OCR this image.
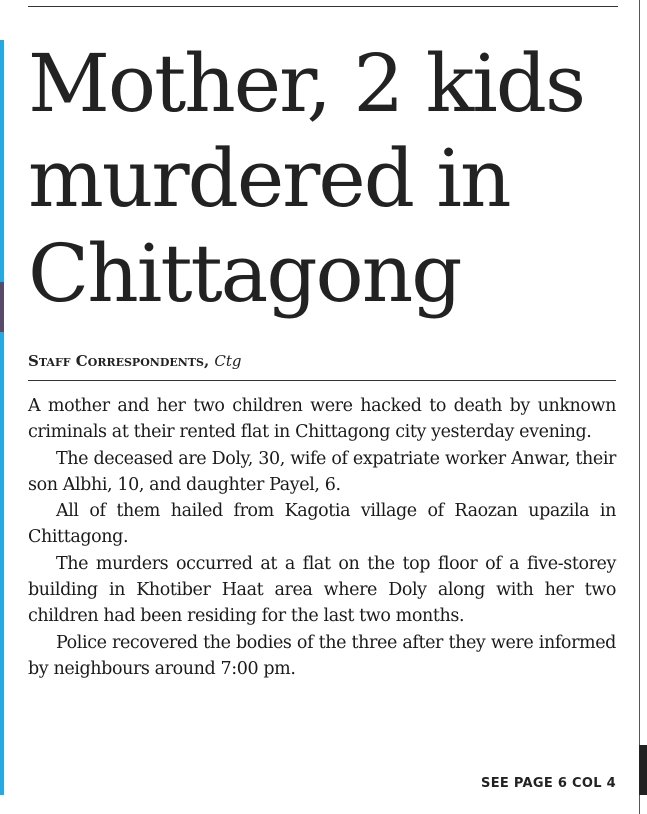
Mother, 2 kids murdered in Chittagong
Staff Correspondents, Ctg

A mother and her two children were hacked to death by unknown criminals at their rented flat in Chittagong city yesterday evening.

The deceased are Doly, 30, wife of expatriate worker Anwar, their son Albhi, 10, and daughter Payel, 6.

All of them hailed from Kagotia village of Raozan upazila in Chittagong.

The murders occurred at a flat on the top floor of a five-storey building in Khotiber Haat area where Doly along with her two children had been residing for the last two months.

Police recovered the bodies of the three after they were informed by neighbours around 7:00 pm.

SEE PAGE 6 COL 4
